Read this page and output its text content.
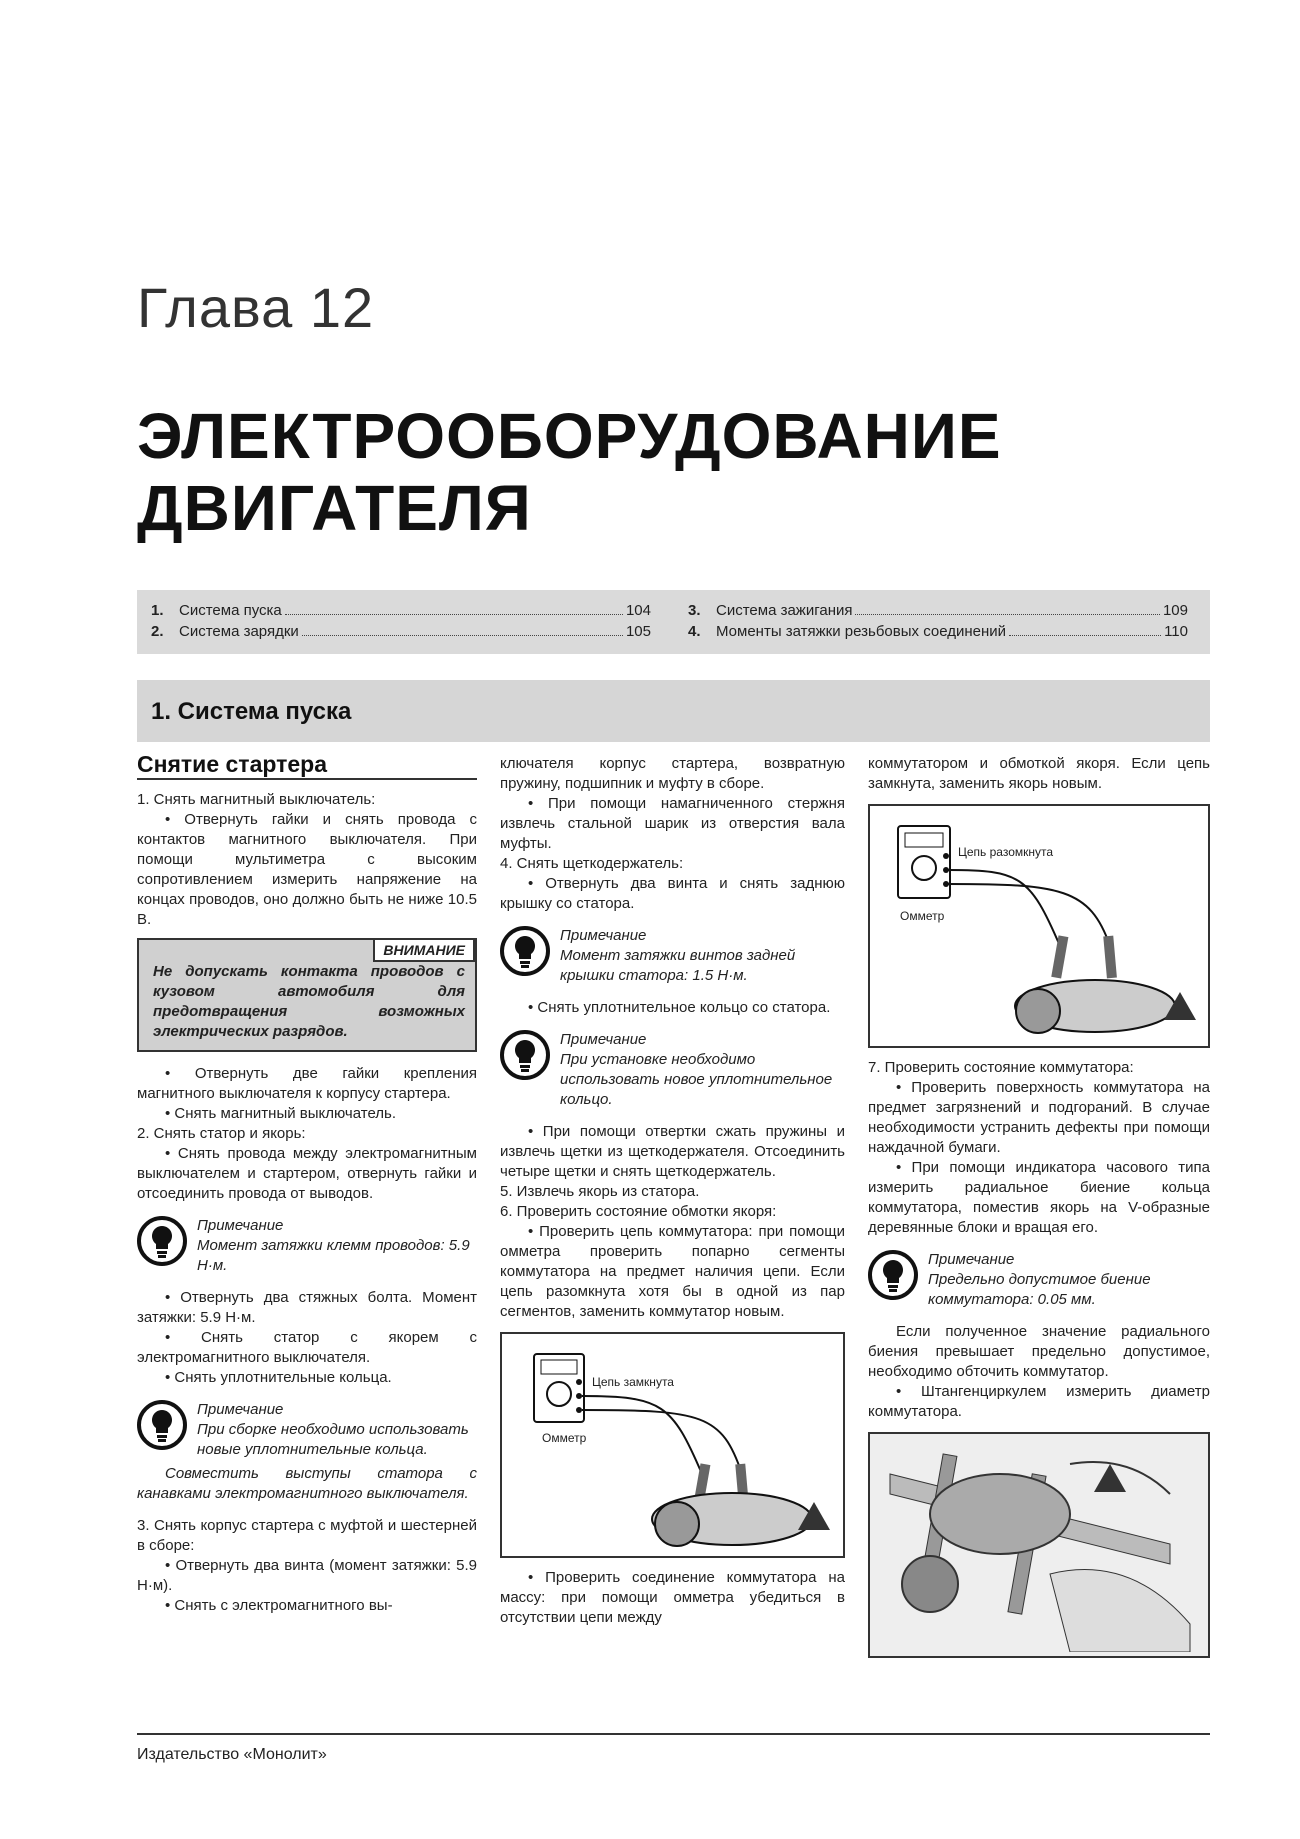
Глава 12
ЭЛЕКТРООБОРУДОВАНИЕ
ДВИГАТЕЛЯ
1.	Система пуска	104
2.	Система зарядки	105
3.	Система зажигания	109
4.	Моменты затяжки резьбовых соединений	110
1. Система пуска

Снятие стартера

1. Снять магнитный выключатель:

• Отвернуть гайки и снять провода с контактов магнитного выключателя. При помощи мультиметра с высоким сопротивлением измерить напряжение на концах проводов, оно должно быть не ниже 10.5 В.

ВНИМАНИЕ
Не допускать контакта проводов с кузовом автомобиля для предотвращения возможных электрических разрядов.

• Отвернуть две гайки крепления магнитного выключателя к корпусу стартера.

• Снять магнитный выключатель.

2. Снять статор и якорь:

• Снять провода между электромагнитным выключателем и стартером, отвернуть гайки и отсоединить провода от выводов.

Примечание
Момент затяжки клемм проводов: 5.9 Н·м.

• Отвернуть два стяжных болта. Момент затяжки: 5.9 Н·м.

• Снять статор с якорем с электромагнитного выключателя.

• Снять уплотнительные кольца.

Примечание
При сборке необходимо использовать новые уплотнительные кольца.

Совместить выступы статора с канавками электромагнитного выключателя.

3. Снять корпус стартера с муфтой и шестерней в сборе:

• Отвернуть два винта (момент затяжки: 5.9 Н·м).

• Снять с электромагнитного вы-

ключателя корпус стартера, возвратную пружину, подшипник и муфту в сборе.

• При помощи намагниченного стержня извлечь стальной шарик из отверстия вала муфты.

4. Снять щеткодержатель:

• Отвернуть два винта и снять заднюю крышку со статора.

Примечание
Момент затяжки винтов задней крышки статора: 1.5 Н·м.

• Снять уплотнительное кольцо со статора.

Примечание
При установке необходимо использовать новое уплотнительное кольцо.

• При помощи отвертки сжать пружины и извлечь щетки из щеткодержателя. Отсоединить четыре щетки и снять щеткодержатель.

5. Извлечь якорь из статора.

6. Проверить состояние обмотки якоря:

• Проверить цепь коммутатора: при помощи омметра проверить попарно сегменты коммутатора на предмет наличия цепи. Если цепь разомкнута хотя бы в одной из пар сегментов, заменить коммутатор новым.

Цепь замкнута
Омметр

• Проверить соединение коммутатора на массу: при помощи омметра убедиться в отсутствии цепи между

коммутатором и обмоткой якоря. Если цепь замкнута, заменить якорь новым.

Цепь разомкнута
Омметр

7. Проверить состояние коммутатора:

• Проверить поверхность коммутатора на предмет загрязнений и подгораний. В случае необходимости устранить дефекты при помощи наждачной бумаги.

• При помощи индикатора часового типа измерить радиальное биение кольца коммутатора, поместив якорь на V-образные деревянные блоки и вращая его.

Примечание
Предельно допустимое биение коммутатора: 0.05 мм.

Если полученное значение радиального биения превышает предельно допустимое, необходимо обточить коммутатор.

• Штангенциркулем измерить диаметр коммутатора.

Издательство «Монолит»
